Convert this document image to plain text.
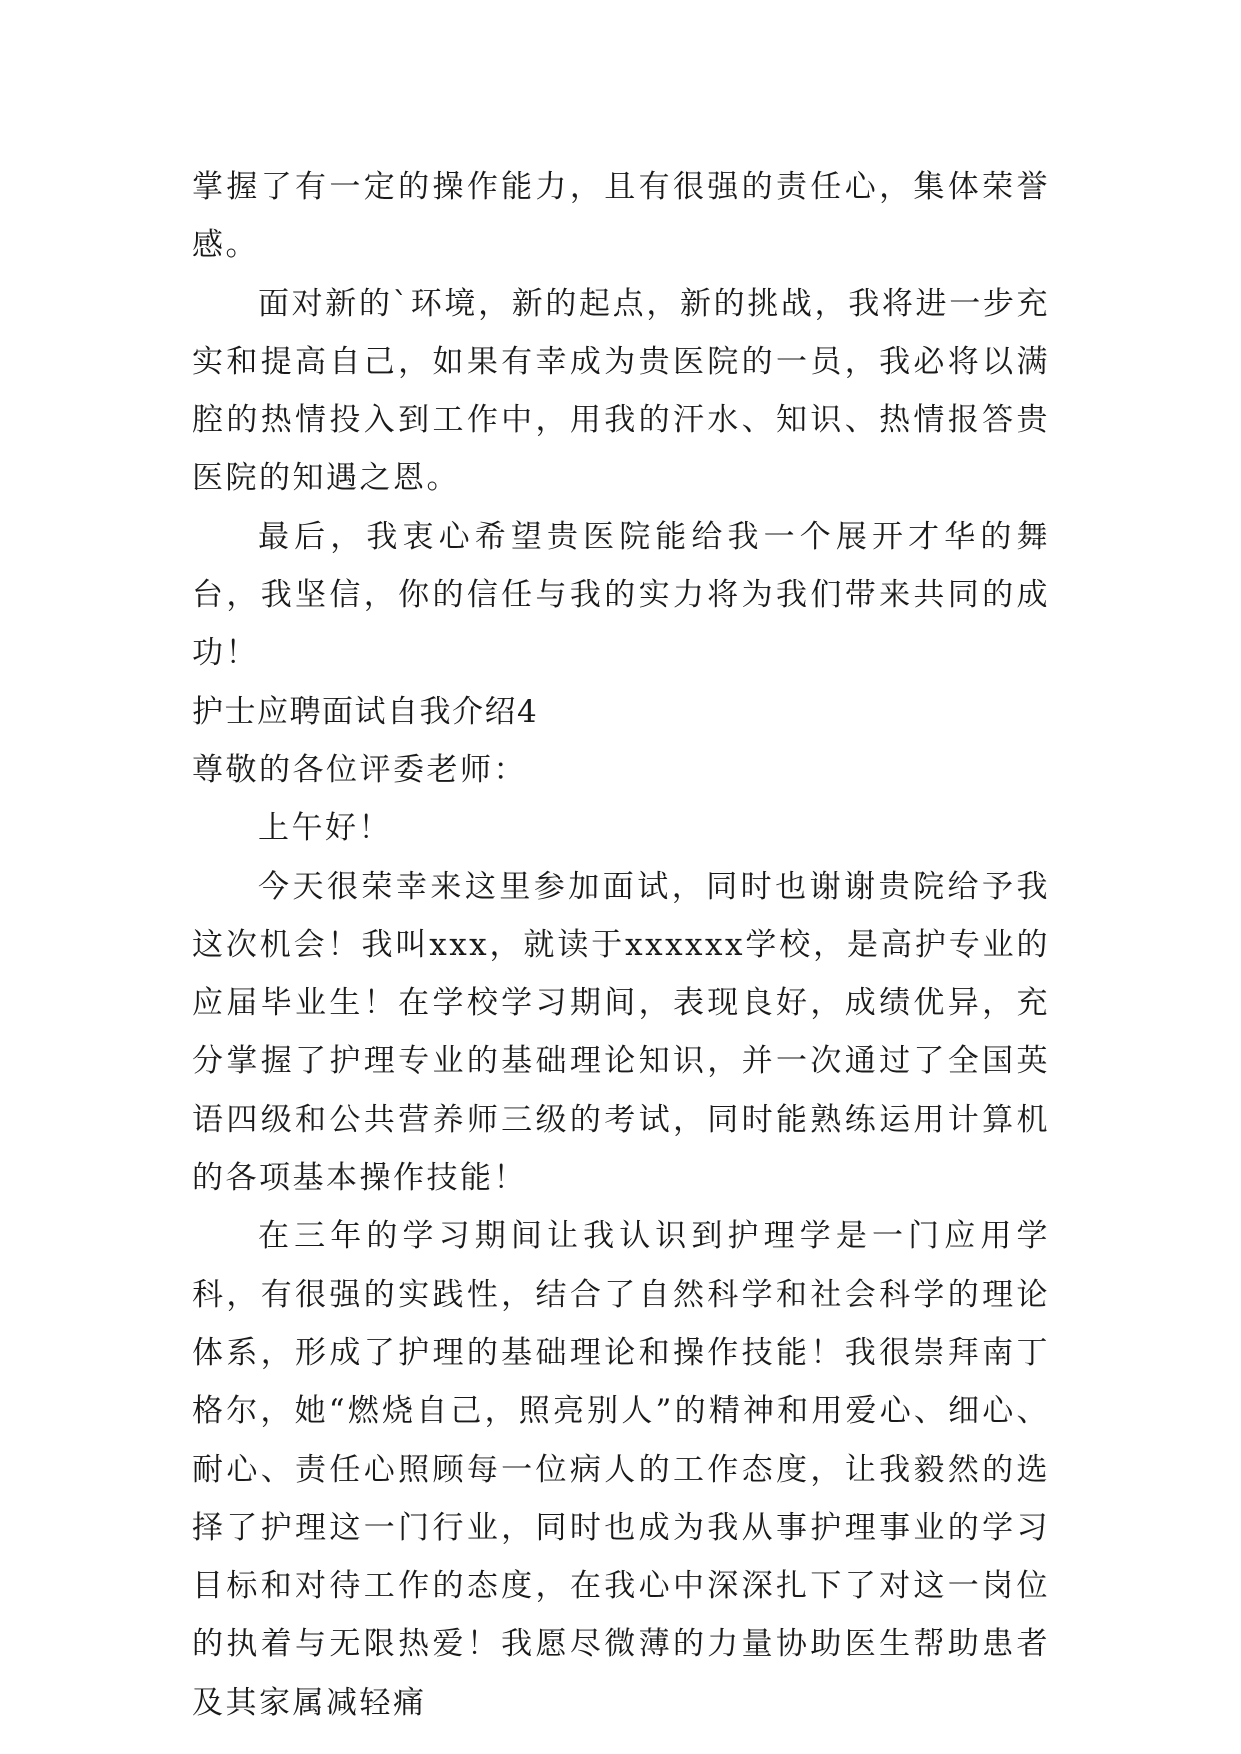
掌握了有一定的操作能力，且有很强的责任心，集体荣誉感。

面对新的`环境，新的起点，新的挑战，我将进一步充实和提高自己，如果有幸成为贵医院的一员，我必将以满腔的热情投入到工作中，用我的汗水、知识、热情报答贵医院的知遇之恩。

最后，我衷心希望贵医院能给我一个展开才华的舞台，我坚信，你的信任与我的实力将为我们带来共同的成功！

护士应聘面试自我介绍4

尊敬的各位评委老师：

上午好！

今天很荣幸来这里参加面试，同时也谢谢贵院给予我这次机会！我叫xxx，就读于xxxxxx学校，是高护专业的应届毕业生！在学校学习期间，表现良好，成绩优异，充分掌握了护理专业的基础理论知识，并一次通过了全国英语四级和公共营养师三级的考试，同时能熟练运用计算机的各项基本操作技能！

在三年的学习期间让我认识到护理学是一门应用学科，有很强的实践性，结合了自然科学和社会科学的理论体系，形成了护理的基础理论和操作技能！我很崇拜南丁格尔，她“燃烧自己，照亮别人”的精神和用爱心、细心、耐心、责任心照顾每一位病人的工作态度，让我毅然的选择了护理这一门行业，同时也成为我从事护理事业的学习目标和对待工作的态度，在我心中深深扎下了对这一岗位的执着与无限热爱！我愿尽微薄的力量协助医生帮助患者及其家属减轻痛
